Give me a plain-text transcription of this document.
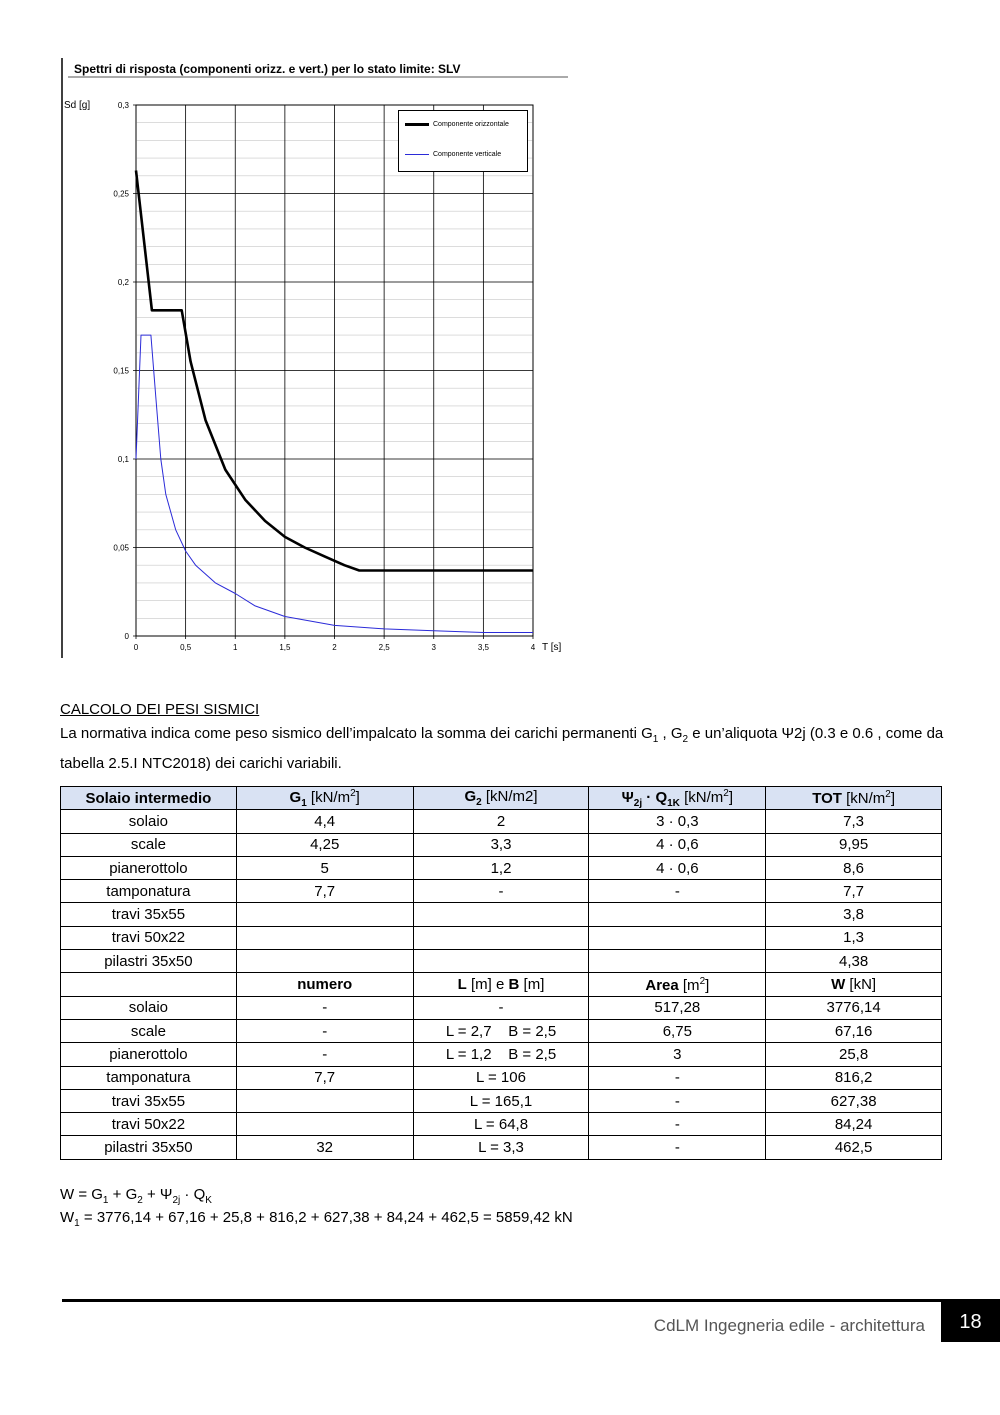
0
0,05
0,1
0,15
0,2
0,25
0,3
0	0,5	1	1,5	2	2,5	3	3,5	4
Spettri di risposta (componenti orizz. e vert.) per lo stato limite: SLV
Sd [g]
T [s]
Componente orizzontale
Componente verticale
CALCOLO DEI PESI SISMICI
La normativa indica come peso sismico dell’impalcato la somma dei carichi permanenti $G_1$ , $G_2$ e un’aliquota Ψ2j (0.3 e 0.6 , come da tabella 2.5.I NTC2018) dei carichi variabili.
Solaio intermedio	$G_1$ $[kN/m^2]$	$G_2$ [kN/m2]	$\Psi_{2j} \cdot Q_{1K}$ $[kN/m^2]$	TOT $[kN/m^2]$
solaio	4,4	2	3 · 0,3	7,3
scale	4,25	3,3	4 · 0,6	9,95
pianerottolo	5	1,2	4 · 0,6	8,6
tamponatura	7,7	-	-	7,7
travi 35x55				3,8
travi 50x22				1,3
pilastri 35x50				4,38
	numero	L [m] e B [m]	Area $[m^2]$	W [kN]
solaio	-	-	517,28	3776,14
scale	-	L = 2,7    B = 2,5	6,75	67,16
pianerottolo	-	L = 1,2    B = 2,5	3	25,8
tamponatura	7,7	L = 106	-	816,2
travi 35x55		L = 165,1	-	627,38
travi 50x22		L = 64,8	-	84,24
pilastri 35x50	32	L = 3,3	-	462,5
$W = G_1 + G_2 + \Psi_{2j} \cdot Q_K$
$W_1 = 3776,14 + 67,16 + 25,8 + 816,2 + 627,38 + 84,24 + 462,5 = 5859,42$ kN
CdLM Ingegneria edile - architettura	18
